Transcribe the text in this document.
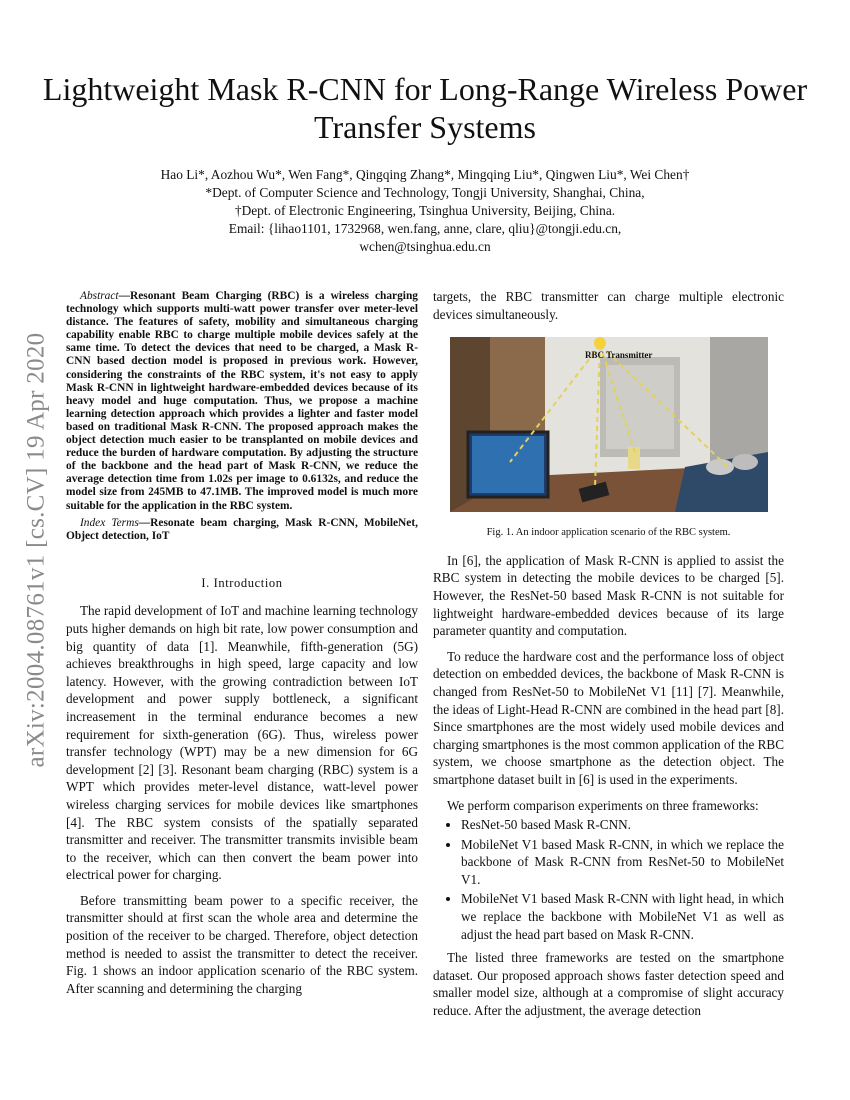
arXiv:2004.08761v1 [cs.CV] 19 Apr 2020
Lightweight Mask R-CNN for Long-Range Wireless Power Transfer Systems
Hao Li*, Aozhou Wu*, Wen Fang*, Qingqing Zhang*, Mingqing Liu*, Qingwen Liu*, Wei Chen†
*Dept. of Computer Science and Technology, Tongji University, Shanghai, China,
†Dept. of Electronic Engineering, Tsinghua University, Beijing, China.
Email: {lihao1101, 1732968, wen.fang, anne, clare, qliu}@tongji.edu.cn,
wchen@tsinghua.edu.cn

Abstract—Resonant Beam Charging (RBC) is a wireless charging technology which supports multi-watt power transfer over meter-level distance. The features of safety, mobility and simultaneous charging capability enable RBC to charge multiple mobile devices safely at the same time. To detect the devices that need to be charged, a Mask R-CNN based dection model is proposed in previous work. However, considering the constraints of the RBC system, it's not easy to apply Mask R-CNN in lightweight hardware-embedded devices because of its heavy model and huge computation. Thus, we propose a machine learning detection approach which provides a lighter and faster model based on traditional Mask R-CNN. The proposed approach makes the object detection much easier to be transplanted on mobile devices and reduce the burden of hardware computation. By adjusting the structure of the backbone and the head part of Mask R-CNN, we reduce the average detection time from 1.02s per image to 0.6132s, and reduce the model size from 245MB to 47.1MB. The improved model is much more suitable for the application in the RBC system.

Index Terms—Resonate beam charging, Mask R-CNN, MobileNet, Object detection, IoT

I. Introduction

The rapid development of IoT and machine learning technology puts higher demands on high bit rate, low power consumption and big quantity of data [1]. Meanwhile, fifth-generation (5G) achieves breakthroughs in high speed, large capacity and low latency. However, with the growing contradiction between IoT development and power supply bottleneck, a significant increasement in the terminal endurance becomes a new requirement for sixth-generation (6G). Thus, wireless power transfer technology (WPT) may be a new dimension for 6G development [2] [3]. Resonant beam charging (RBC) system is a WPT which provides meter-level distance, watt-level power wireless charging services for mobile devices like smartphones [4]. The RBC system consists of the spatially separated transmitter and receiver. The transmitter transmits invisible beam to the receiver, which can then convert the beam power into electrical power for charging.

Before transmitting beam power to a specific receiver, the transmitter should at first scan the whole area and determine the position of the receiver to be charged. Therefore, object detection method is needed to assist the transmitter to detect the receiver. Fig. 1 shows an indoor application scenario of the RBC system. After scanning and determining the charging

targets, the RBC transmitter can charge multiple electronic devices simultaneously.

RBC Transmitter
Fig. 1. An indoor application scenario of the RBC system.

In [6], the application of Mask R-CNN is applied to assist the RBC system in detecting the mobile devices to be charged [5]. However, the ResNet-50 based Mask R-CNN is not suitable for lightweight hardware-embedded devices because of its large parameter quantity and computation.

To reduce the hardware cost and the performance loss of object detection on embedded devices, the backbone of Mask R-CNN is changed from ResNet-50 to MobileNet V1 [11] [7]. Meanwhile, the ideas of Light-Head R-CNN are combined in the head part [8]. Since smartphones are the most widely used mobile devices and charging smartphones is the most common application of the RBC system, we choose smartphone as the detection object. The smartphone dataset built in [6] is used in the experiments.

We perform comparison experiments on three frameworks:

• ResNet-50 based Mask R-CNN.
• MobileNet V1 based Mask R-CNN, in which we replace the backbone of Mask R-CNN from ResNet-50 to MobileNet V1.
• MobileNet V1 based Mask R-CNN with light head, in which we replace the backbone with MobileNet V1 as well as adjust the head part based on Mask R-CNN.

The listed three frameworks are tested on the smartphone dataset. Our proposed approach shows faster detection speed and smaller model size, although at a compromise of slight accuracy reduce. After the adjustment, the average detection
